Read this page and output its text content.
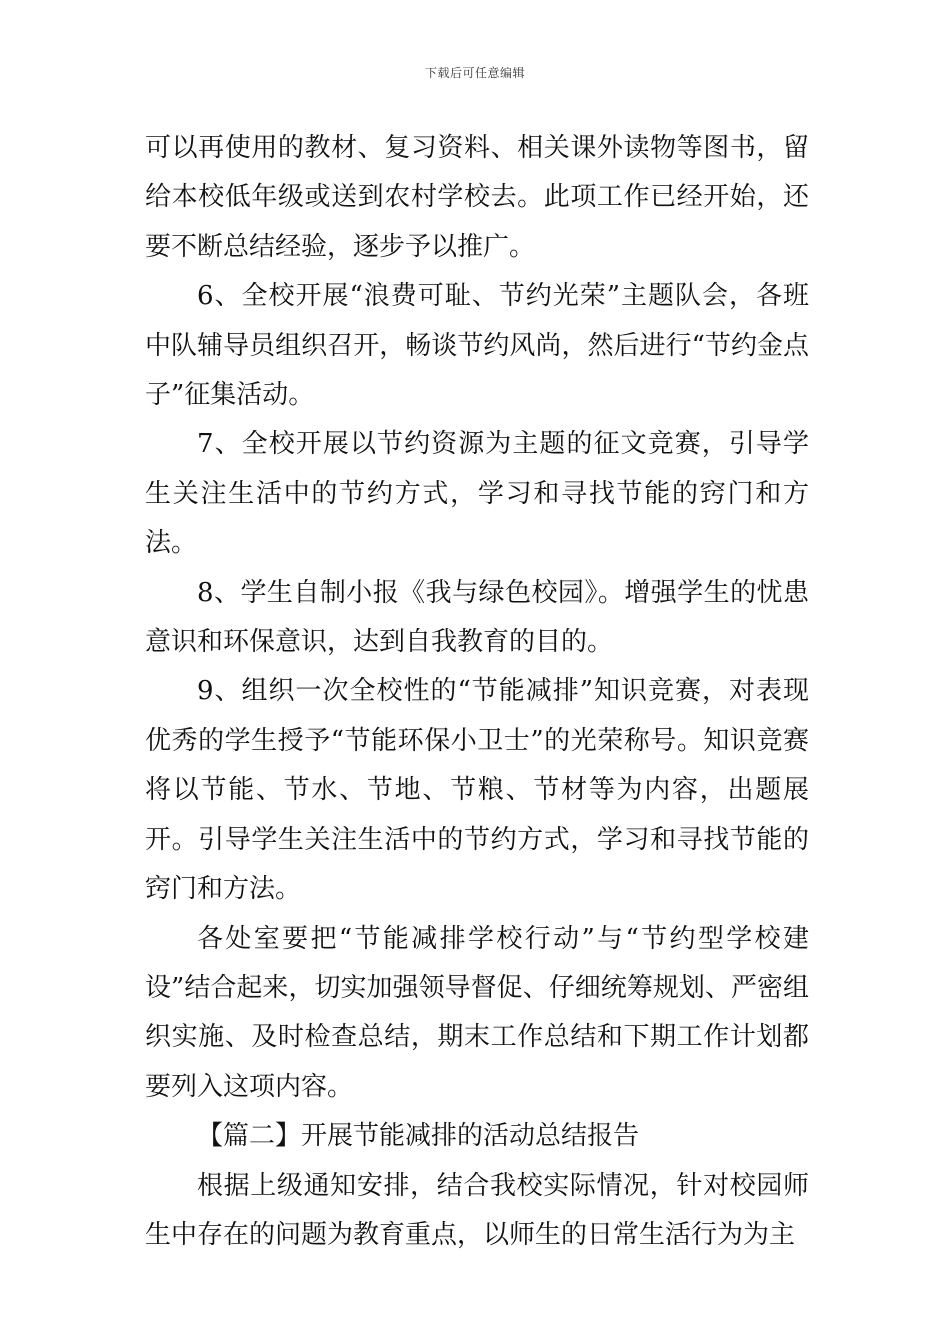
下载后可任意编辑

可以再使用的教材、复习资料、相关课外读物等图书，留给本校低年级或送到农村学校去。此项工作已经开始，还要不断总结经验，逐步予以推广。

6、全校开展“浪费可耻、节约光荣”主题队会，各班中队辅导员组织召开，畅谈节约风尚，然后进行“节约金点子”征集活动。

7、全校开展以节约资源为主题的征文竞赛，引导学生关注生活中的节约方式，学习和寻找节能的窍门和方法。

8、学生自制小报《我与绿色校园》。增强学生的忧患意识和环保意识，达到自我教育的目的。

9、组织一次全校性的“节能减排”知识竞赛，对表现优秀的学生授予“节能环保小卫士”的光荣称号。知识竞赛将以节能、节水、节地、节粮、节材等为内容，出题展开。引导学生关注生活中的节约方式，学习和寻找节能的窍门和方法。

各处室要把“节能减排学校行动”与“节约型学校建设”结合起来，切实加强领导督促、仔细统筹规划、严密组织实施、及时检查总结，期末工作总结和下期工作计划都要列入这项内容。

【篇二】开展节能减排的活动总结报告

根据上级通知安排，结合我校实际情况，针对校园师生中存在的问题为教育重点，以师生的日常生活行为为主
